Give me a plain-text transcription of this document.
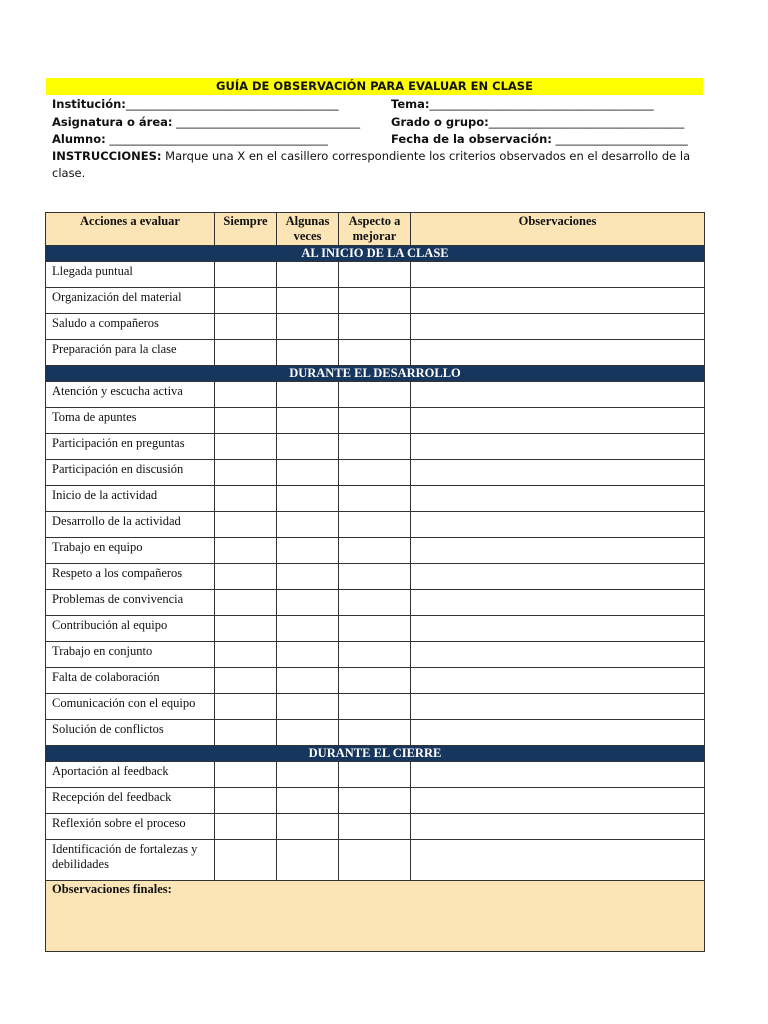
GUÍA DE OBSERVACIÓN PARA EVALUAR EN CLASE
Institución:_____________________________________	Tema:_______________________________________
Asignatura o área: ________________________________	Grado o grupo:__________________________________
Alumno: ______________________________________	Fecha de la observación: _______________________
INSTRUCCIONES: Marque una X en el casillero correspondiente los criterios observados en el desarrollo de la clase.
Acciones a evaluar	Siempre	Algunas veces	Aspecto a mejorar	Observaciones
AL INICIO DE LA CLASE				
Llegada puntual				
Organización del material				
Saludo a compañeros				
Preparación para la clase				
DURANTE EL DESARROLLO				
Atención y escucha activa				
Toma de apuntes				
Participación en preguntas				
Participación en discusión				
Inicio de la actividad				
Desarrollo de la actividad				
Trabajo en equipo				
Respeto a los compañeros				
Problemas de convivencia				
Contribución al equipo				
Trabajo en conjunto				
Falta de colaboración				
Comunicación con el equipo				
Solución de conflictos				
DURANTE EL CIERRE				
Aportación al feedback				
Recepción del feedback				
Reflexión sobre el proceso				
Identificación de fortalezas y debilidades				
Observaciones finales:				
